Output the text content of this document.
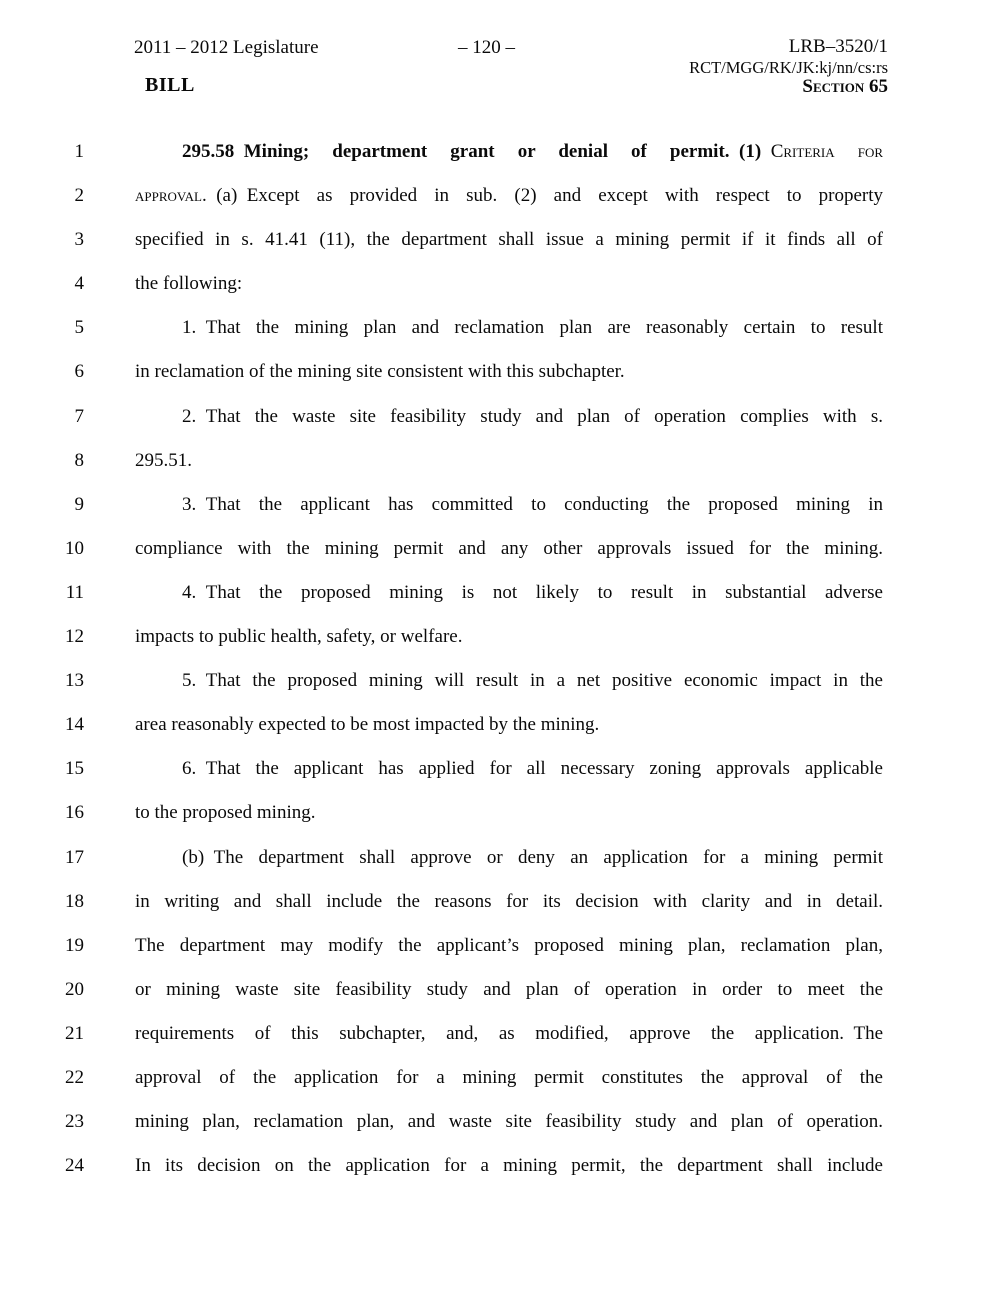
2011 – 2012 Legislature	– 120 –	LRB–3520/1
RCT/MGG/RK/JK:kj/nn/cs:rs
BILL	Section 65
1	295.58 Mining; department grant or denial of permit. (1) Criteria for
2	approval. (a) Except as provided in sub. (2) and except with respect to property
3	specified in s. 41.41 (11), the department shall issue a mining permit if it finds all of
4	the following:
5	1. That the mining plan and reclamation plan are reasonably certain to result
6	in reclamation of the mining site consistent with this subchapter.
7	2. That the waste site feasibility study and plan of operation complies with s.
8	295.51.
9	3. That the applicant has committed to conducting the proposed mining in
10	compliance with the mining permit and any other approvals issued for the mining.
11	4. That the proposed mining is not likely to result in substantial adverse
12	impacts to public health, safety, or welfare.
13	5. That the proposed mining will result in a net positive economic impact in the
14	area reasonably expected to be most impacted by the mining.
15	6. That the applicant has applied for all necessary zoning approvals applicable
16	to the proposed mining.
17	(b) The department shall approve or deny an application for a mining permit
18	in writing and shall include the reasons for its decision with clarity and in detail.
19	The department may modify the applicant’s proposed mining plan, reclamation plan,
20	or mining waste site feasibility study and plan of operation in order to meet the
21	requirements of this subchapter, and, as modified, approve the application. The
22	approval of the application for a mining permit constitutes the approval of the
23	mining plan, reclamation plan, and waste site feasibility study and plan of operation.
24	In its decision on the application for a mining permit, the department shall include
